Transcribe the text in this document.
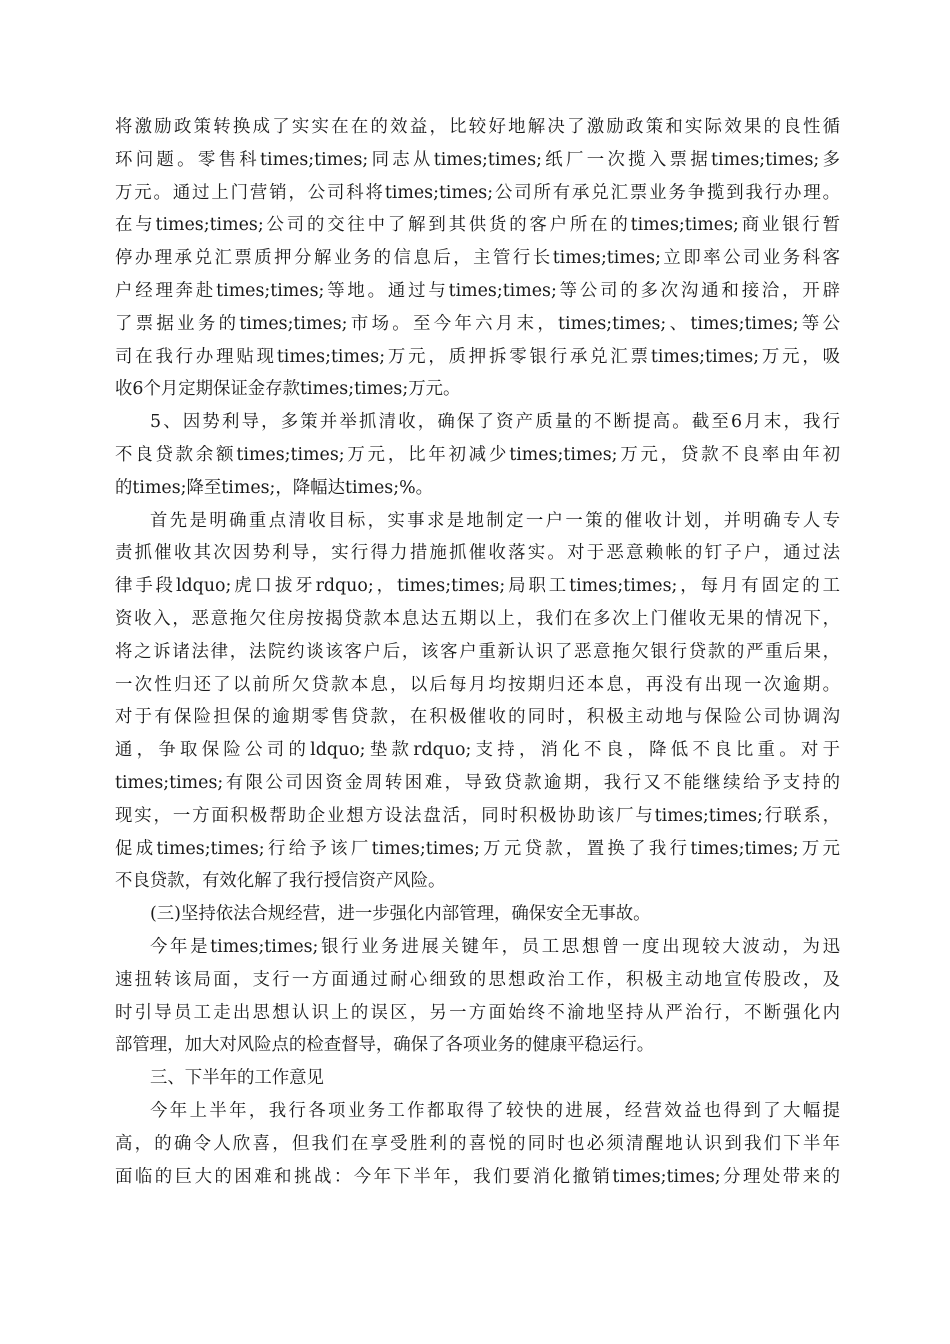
将激励政策转换成了实实在在的效益，比较好地解决了激励政策和实际效果的良性循
环问题。零售科times;times;同志从times;times;纸厂一次揽入票据times;times;多
万元。通过上门营销，公司科将times;times;公司所有承兑汇票业务争揽到我行办理。
在与times;times;公司的交往中了解到其供货的客户所在的times;times;商业银行暂
停办理承兑汇票质押分解业务的信息后，主管行长times;times;立即率公司业务科客
户经理奔赴times;times;等地。通过与times;times;等公司的多次沟通和接洽，开辟
了票据业务的times;times;市场。至今年六月末，times;times;、times;times;等公
司在我行办理贴现times;times;万元，质押拆零银行承兑汇票times;times;万元，吸
收6个月定期保证金存款times;times;万元。
5、因势利导，多策并举抓清收，确保了资产质量的不断提高。截至6月末，我行
不良贷款余额times;times;万元，比年初减少times;times;万元，贷款不良率由年初
的times;降至times;，降幅达times;%。
首先是明确重点清收目标，实事求是地制定一户一策的催收计划，并明确专人专
责抓催收其次因势利导，实行得力措施抓催收落实。对于恶意赖帐的钉子户，通过法
律手段ldquo;虎口拔牙rdquo;，times;times;局职工times;times;，每月有固定的工
资收入，恶意拖欠住房按揭贷款本息达五期以上，我们在多次上门催收无果的情况下，
将之诉诸法律，法院约谈该客户后，该客户重新认识了恶意拖欠银行贷款的严重后果，
一次性归还了以前所欠贷款本息，以后每月均按期归还本息，再没有出现一次逾期。
对于有保险担保的逾期零售贷款，在积极催收的同时，积极主动地与保险公司协调沟
通，争取保险公司的ldquo;垫款rdquo;支持，消化不良，降低不良比重。对于
times;times;有限公司因资金周转困难，导致贷款逾期，我行又不能继续给予支持的
现实，一方面积极帮助企业想方设法盘活，同时积极协助该厂与times;times;行联系，
促成times;times;行给予该厂times;times;万元贷款，置换了我行times;times;万元
不良贷款，有效化解了我行授信资产风险。
(三)坚持依法合规经营，进一步强化内部管理，确保安全无事故。
今年是times;times;银行业务进展关键年，员工思想曾一度出现较大波动，为迅
速扭转该局面，支行一方面通过耐心细致的思想政治工作，积极主动地宣传股改，及
时引导员工走出思想认识上的误区，另一方面始终不渝地坚持从严治行，不断强化内
部管理，加大对风险点的检查督导，确保了各项业务的健康平稳运行。
三、下半年的工作意见
今年上半年，我行各项业务工作都取得了较快的进展，经营效益也得到了大幅提
高，的确令人欣喜，但我们在享受胜利的喜悦的同时也必须清醒地认识到我们下半年
面临的巨大的困难和挑战：今年下半年，我们要消化撤销times;times;分理处带来的
